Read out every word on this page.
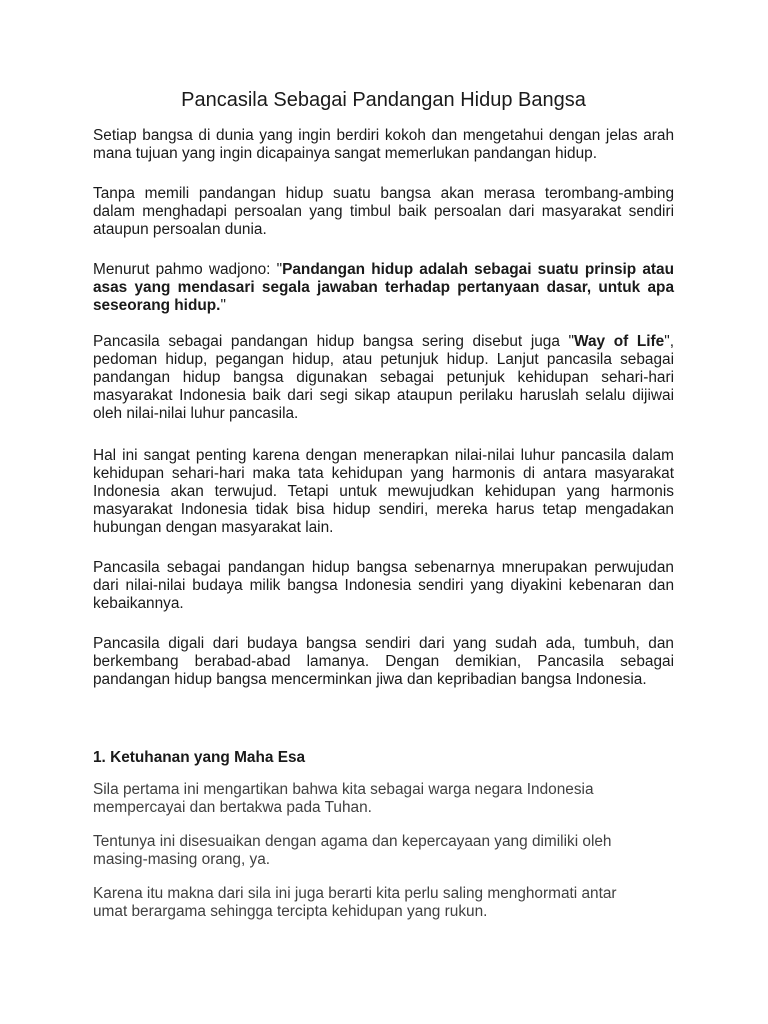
Pancasila Sebagai Pandangan Hidup Bangsa

Setiap bangsa di dunia yang ingin berdiri kokoh dan mengetahui dengan jelas arah mana tujuan yang ingin dicapainya sangat memerlukan pandangan hidup.

Tanpa memili pandangan hidup suatu bangsa akan merasa terombang-ambing dalam menghadapi persoalan yang timbul baik persoalan dari masyarakat sendiri ataupun persoalan dunia.

Menurut pahmo wadjono: "Pandangan hidup adalah sebagai suatu prinsip atau asas yang mendasari segala jawaban terhadap pertanyaan dasar, untuk apa seseorang hidup."

Pancasila sebagai pandangan hidup bangsa sering disebut juga "Way of Life", pedoman hidup, pegangan hidup, atau petunjuk hidup. Lanjut pancasila sebagai pandangan hidup bangsa digunakan sebagai petunjuk kehidupan sehari-hari masyarakat Indonesia baik dari segi sikap ataupun perilaku haruslah selalu dijiwai oleh nilai-nilai luhur pancasila.

Hal ini sangat penting karena dengan menerapkan nilai-nilai luhur pancasila dalam kehidupan sehari-hari maka tata kehidupan yang harmonis di antara masyarakat Indonesia akan terwujud. Tetapi untuk mewujudkan kehidupan yang harmonis masyarakat Indonesia tidak bisa hidup sendiri, mereka harus tetap mengadakan hubungan dengan masyarakat lain.

Pancasila sebagai pandangan hidup bangsa sebenarnya mnerupakan perwujudan dari nilai-nilai budaya milik bangsa Indonesia sendiri yang diyakini kebenaran dan kebaikannya.

Pancasila digali dari budaya bangsa sendiri dari yang sudah ada, tumbuh, dan berkembang berabad-abad lamanya. Dengan demikian, Pancasila sebagai pandangan hidup bangsa mencerminkan jiwa dan kepribadian bangsa Indonesia.

1. Ketuhanan yang Maha Esa

Sila pertama ini mengartikan bahwa kita sebagai warga negara Indonesia mempercayai dan bertakwa pada Tuhan.

Tentunya ini disesuaikan dengan agama dan kepercayaan yang dimiliki oleh masing-masing orang, ya.

Karena itu makna dari sila ini juga berarti kita perlu saling menghormati antar umat berargama sehingga tercipta kehidupan yang rukun.
